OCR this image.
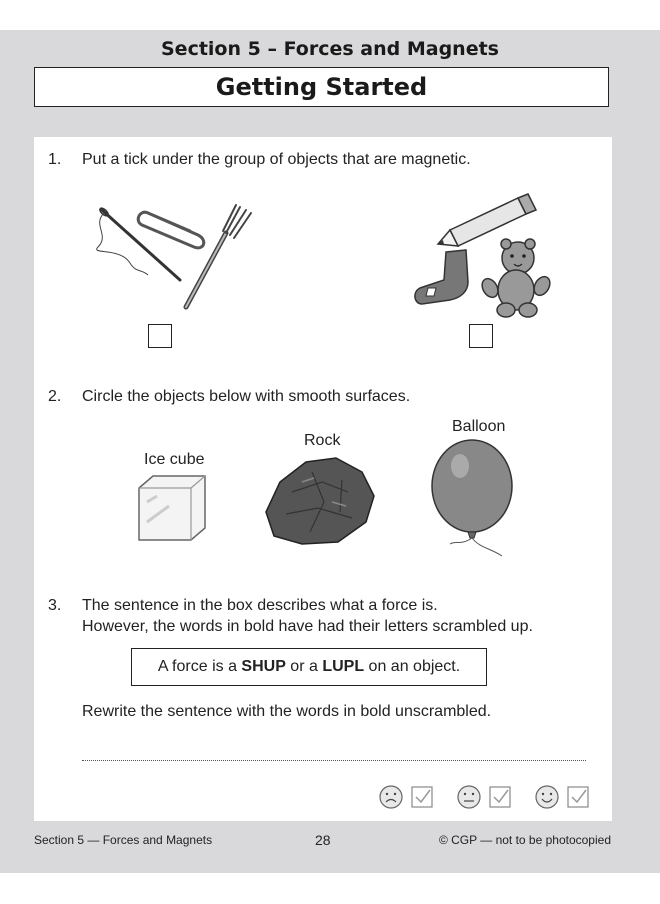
Section 5 – Forces and Magnets
Getting Started
1. Put a tick under the group of objects that are magnetic.
2. Circle the objects below with smooth surfaces.
Ice cube
Rock
Balloon
3. The sentence in the box describes what a force is.
However, the words in bold have had their letters scrambled up.
A force is a SHUP or a LUPL on an object.
Rewrite the sentence with the words in bold unscrambled.
Section 5 — Forces and Magnets	28	© CGP — not to be photocopied
